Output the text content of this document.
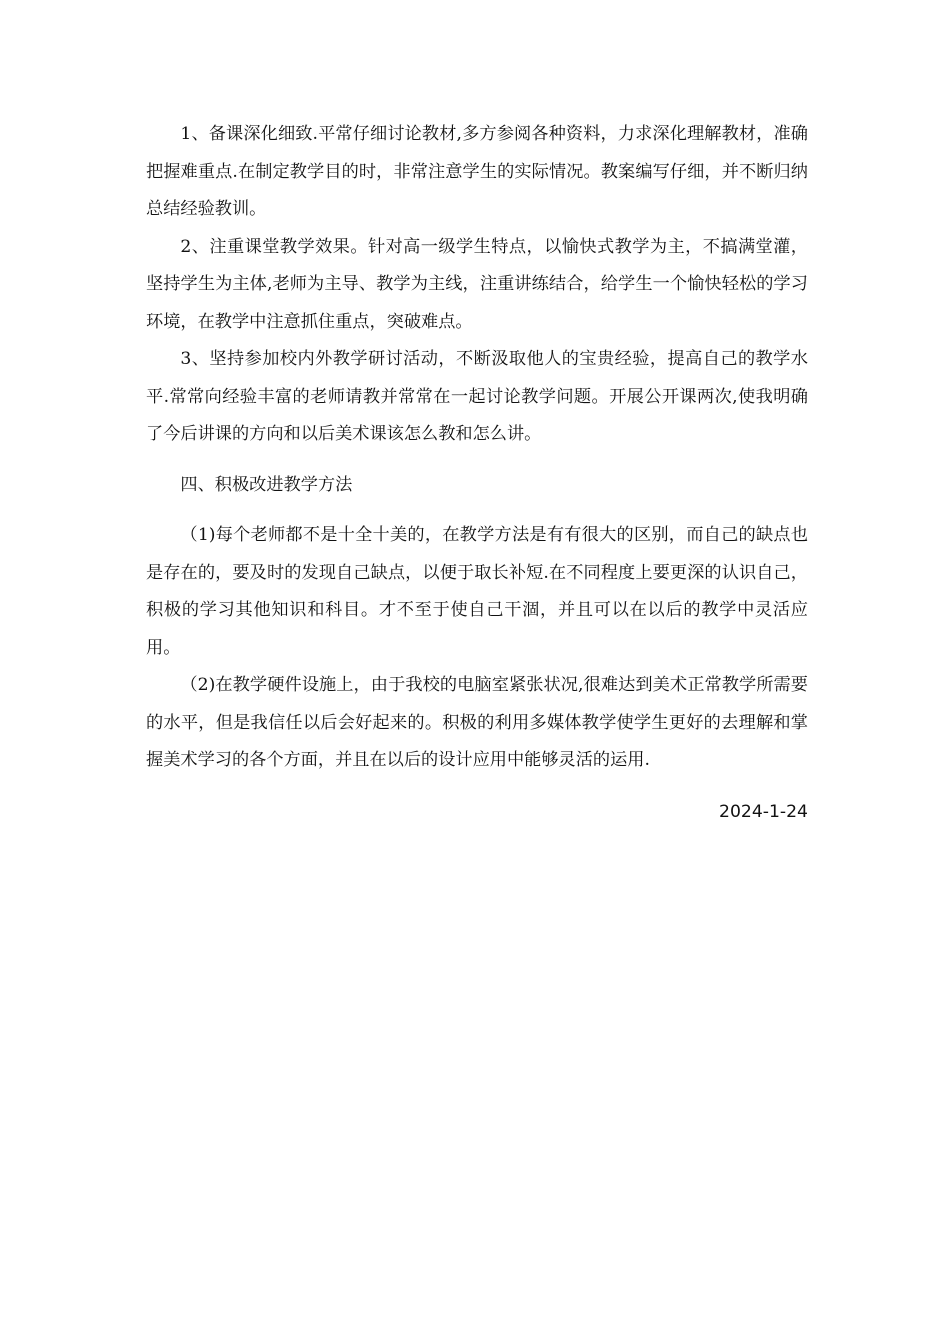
1、备课深化细致.平常仔细讨论教材,多方参阅各种资料，力求深化理解教材，准确把握难重点.在制定教学目的时，非常注意学生的实际情况。教案编写仔细，并不断归纳总结经验教训。

2、注重课堂教学效果。针对高一级学生特点，以愉快式教学为主，不搞满堂灌，坚持学生为主体,老师为主导、教学为主线，注重讲练结合，给学生一个愉快轻松的学习环境，在教学中注意抓住重点，突破难点。

3、坚持参加校内外教学研讨活动，不断汲取他人的宝贵经验，提高自己的教学水平.常常向经验丰富的老师请教并常常在一起讨论教学问题。开展公开课两次,使我明确了今后讲课的方向和以后美术课该怎么教和怎么讲。

四、积极改进教学方法

（1)每个老师都不是十全十美的，在教学方法是有有很大的区别，而自己的缺点也是存在的，要及时的发现自己缺点，以便于取长补短.在不同程度上要更深的认识自己，积极的学习其他知识和科目。才不至于使自己干涸，并且可以在以后的教学中灵活应用。

（2)在教学硬件设施上，由于我校的电脑室紧张状况,很难达到美术正常教学所需要的水平，但是我信任以后会好起来的。积极的利用多媒体教学使学生更好的去理解和掌握美术学习的各个方面，并且在以后的设计应用中能够灵活的运用.

2024-1-24
